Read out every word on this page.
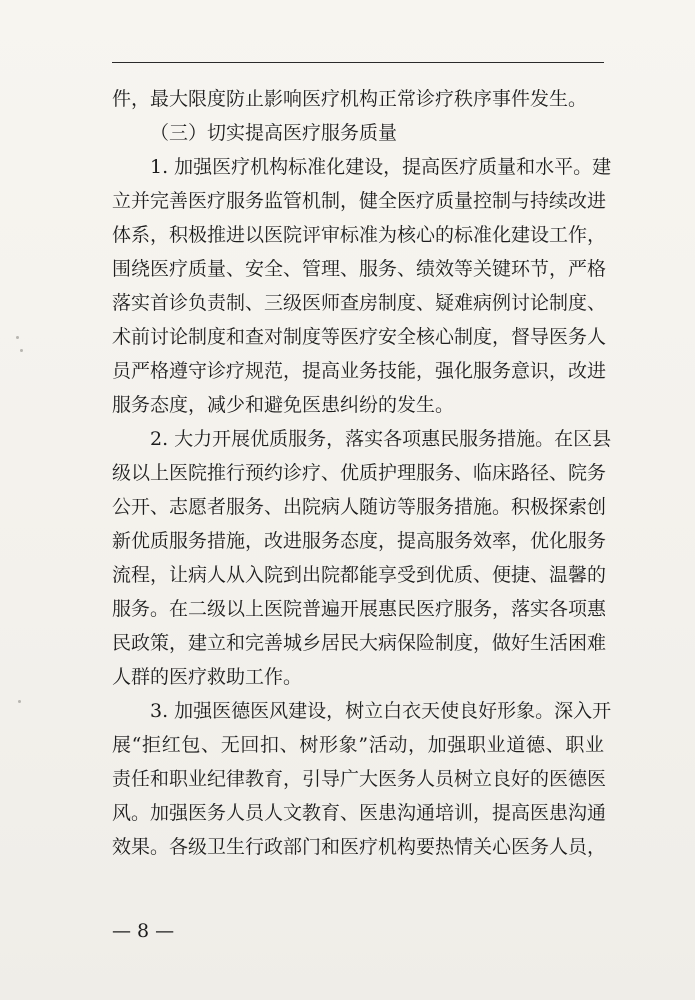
件，最大限度防止影响医疗机构正常诊疗秩序事件发生。
（三）切实提高医疗服务质量
1. 加强医疗机构标准化建设，提高医疗质量和水平。建
立并完善医疗服务监管机制，健全医疗质量控制与持续改进
体系，积极推进以医院评审标准为核心的标准化建设工作，
围绕医疗质量、安全、管理、服务、绩效等关键环节，严格
落实首诊负责制、三级医师查房制度、疑难病例讨论制度、
术前讨论制度和查对制度等医疗安全核心制度，督导医务人
员严格遵守诊疗规范，提高业务技能，强化服务意识，改进
服务态度，减少和避免医患纠纷的发生。
2. 大力开展优质服务，落实各项惠民服务措施。在区县
级以上医院推行预约诊疗、优质护理服务、临床路径、院务
公开、志愿者服务、出院病人随访等服务措施。积极探索创
新优质服务措施，改进服务态度，提高服务效率，优化服务
流程，让病人从入院到出院都能享受到优质、便捷、温馨的
服务。在二级以上医院普遍开展惠民医疗服务，落实各项惠
民政策，建立和完善城乡居民大病保险制度，做好生活困难
人群的医疗救助工作。
3. 加强医德医风建设，树立白衣天使良好形象。深入开
展“拒红包、无回扣、树形象”活动，加强职业道德、职业
责任和职业纪律教育，引导广大医务人员树立良好的医德医
风。加强医务人员人文教育、医患沟通培训，提高医患沟通
效果。各级卫生行政部门和医疗机构要热情关心医务人员，
— 8 —
